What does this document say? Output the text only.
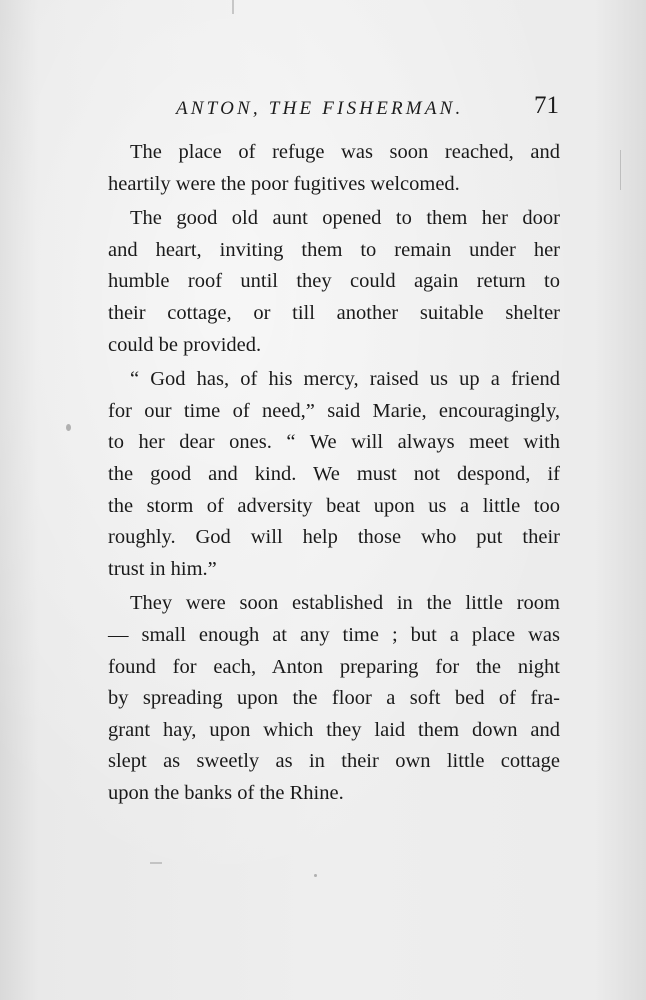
ANTON, THE FISHERMAN.	71
The place of refuge was soon reached, and
heartily were the poor fugitives welcomed.
The good old aunt opened to them her door
and heart, inviting them to remain under her
humble roof until they could again return to
their cottage, or till another suitable shelter
could be provided.
“ God has, of his mercy, raised us up a friend
for our time of need,” said Marie, encouragingly,
to her dear ones. “ We will always meet with
the good and kind. We must not despond, if
the storm of adversity beat upon us a little too
roughly. God will help those who put their
trust in him.”
They were soon established in the little room
— small enough at any time ; but a place was
found for each, Anton preparing for the night
by spreading upon the floor a soft bed of fra-
grant hay, upon which they laid them down and
slept as sweetly as in their own little cottage
upon the banks of the Rhine.
